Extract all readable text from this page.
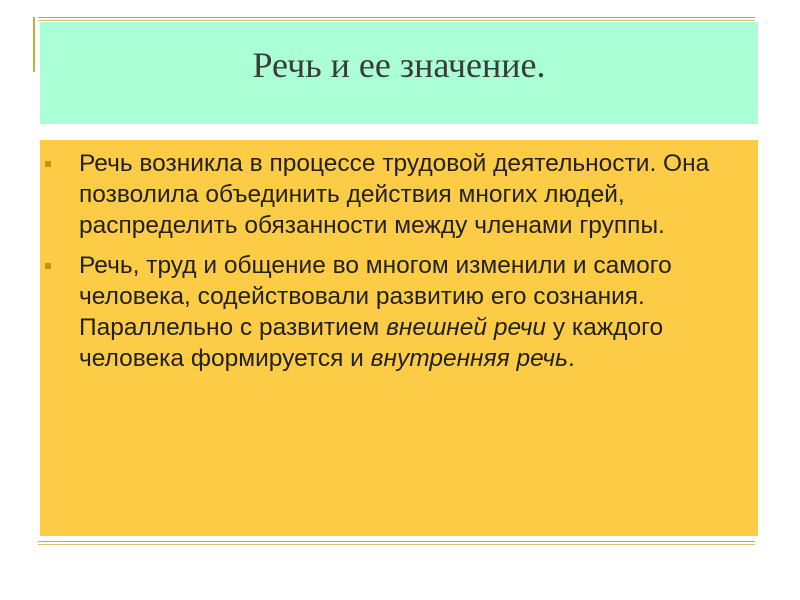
Речь и ее значение.
Речь возникла в процессе трудовой деятельности. Она позволила объединить действия многих людей, распределить обязанности между членами группы.
Речь, труд и общение во многом изменили и самого человека, содействовали развитию его сознания. Параллельно с развитием внешней речи у каждого человека формируется и внутренняя речь.
